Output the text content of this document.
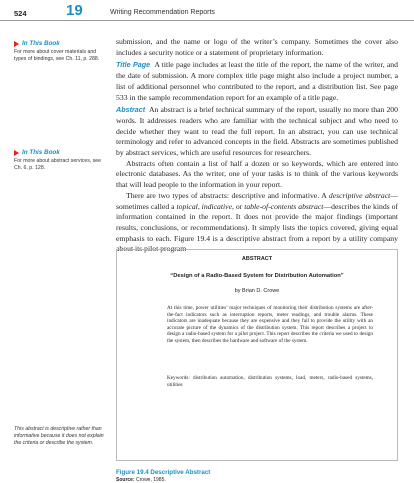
524	19	Writing Recommendation Reports
In This Book
For more about cover materials and types of bindings, see Ch. 11, p. 288.
In This Book
For more about abstract services, see Ch. 6, p. 128.

submission, and the name or logo of the writer’s company. Sometimes the cover also includes a security notice or a statement of proprietary information.

Title Page A title page includes at least the title of the report, the name of the writer, and the date of submission. A more complex title page might also include a project number, a list of additional personnel who contributed to the report, and a distribution list. See page 533 in the sample recommendation report for an example of a title page.

Abstract An abstract is a brief technical summary of the report, usually no more than 200 words. It addresses readers who are familiar with the technical subject and who need to decide whether they want to read the full report. In an abstract, you can use technical terminology and refer to advanced concepts in the field. Abstracts are sometimes published by abstract services, which are useful resources for researchers.

Abstracts often contain a list of half a dozen or so keywords, which are entered into electronic databases. As the writer, one of your tasks is to think of the various keywords that will lead people to the information in your report.

There are two types of abstracts: descriptive and informative. A descriptive abstract—sometimes called a topical, indicative, or table-of-contents abstract—describes the kinds of information contained in the report. It does not provide the major findings (important results, conclusions, or recommendations). It simply lists the topics covered, giving equal emphasis to each. Figure 19.4 is a descriptive abstract from a report by a utility company about its pilot program

ABSTRACT
“Design of a Radio-Based System for Distribution Automation”
by Brian D. Crowe
At this time, power utilities’ major techniques of monitoring their distribution systems are after-the-fact indicators such as interruption reports, meter readings, and trouble alarms. These indicators are inadequate because they are expensive and they fail to provide the utility with an accurate picture of the dynamics of the distribution system. This report describes a project to design a radio-based system for a pilot project. This report describes the criteria we used to design the system, then describes the hardware and software of the system.
Keywords: distribution automation, distribution systems, load, meters, radio-based systems, utilities
This abstract is descriptive rather than informative because it does not explain the criteria or describe the system.
Figure 19.4 Descriptive Abstract
Source: Crowe, 1985.
